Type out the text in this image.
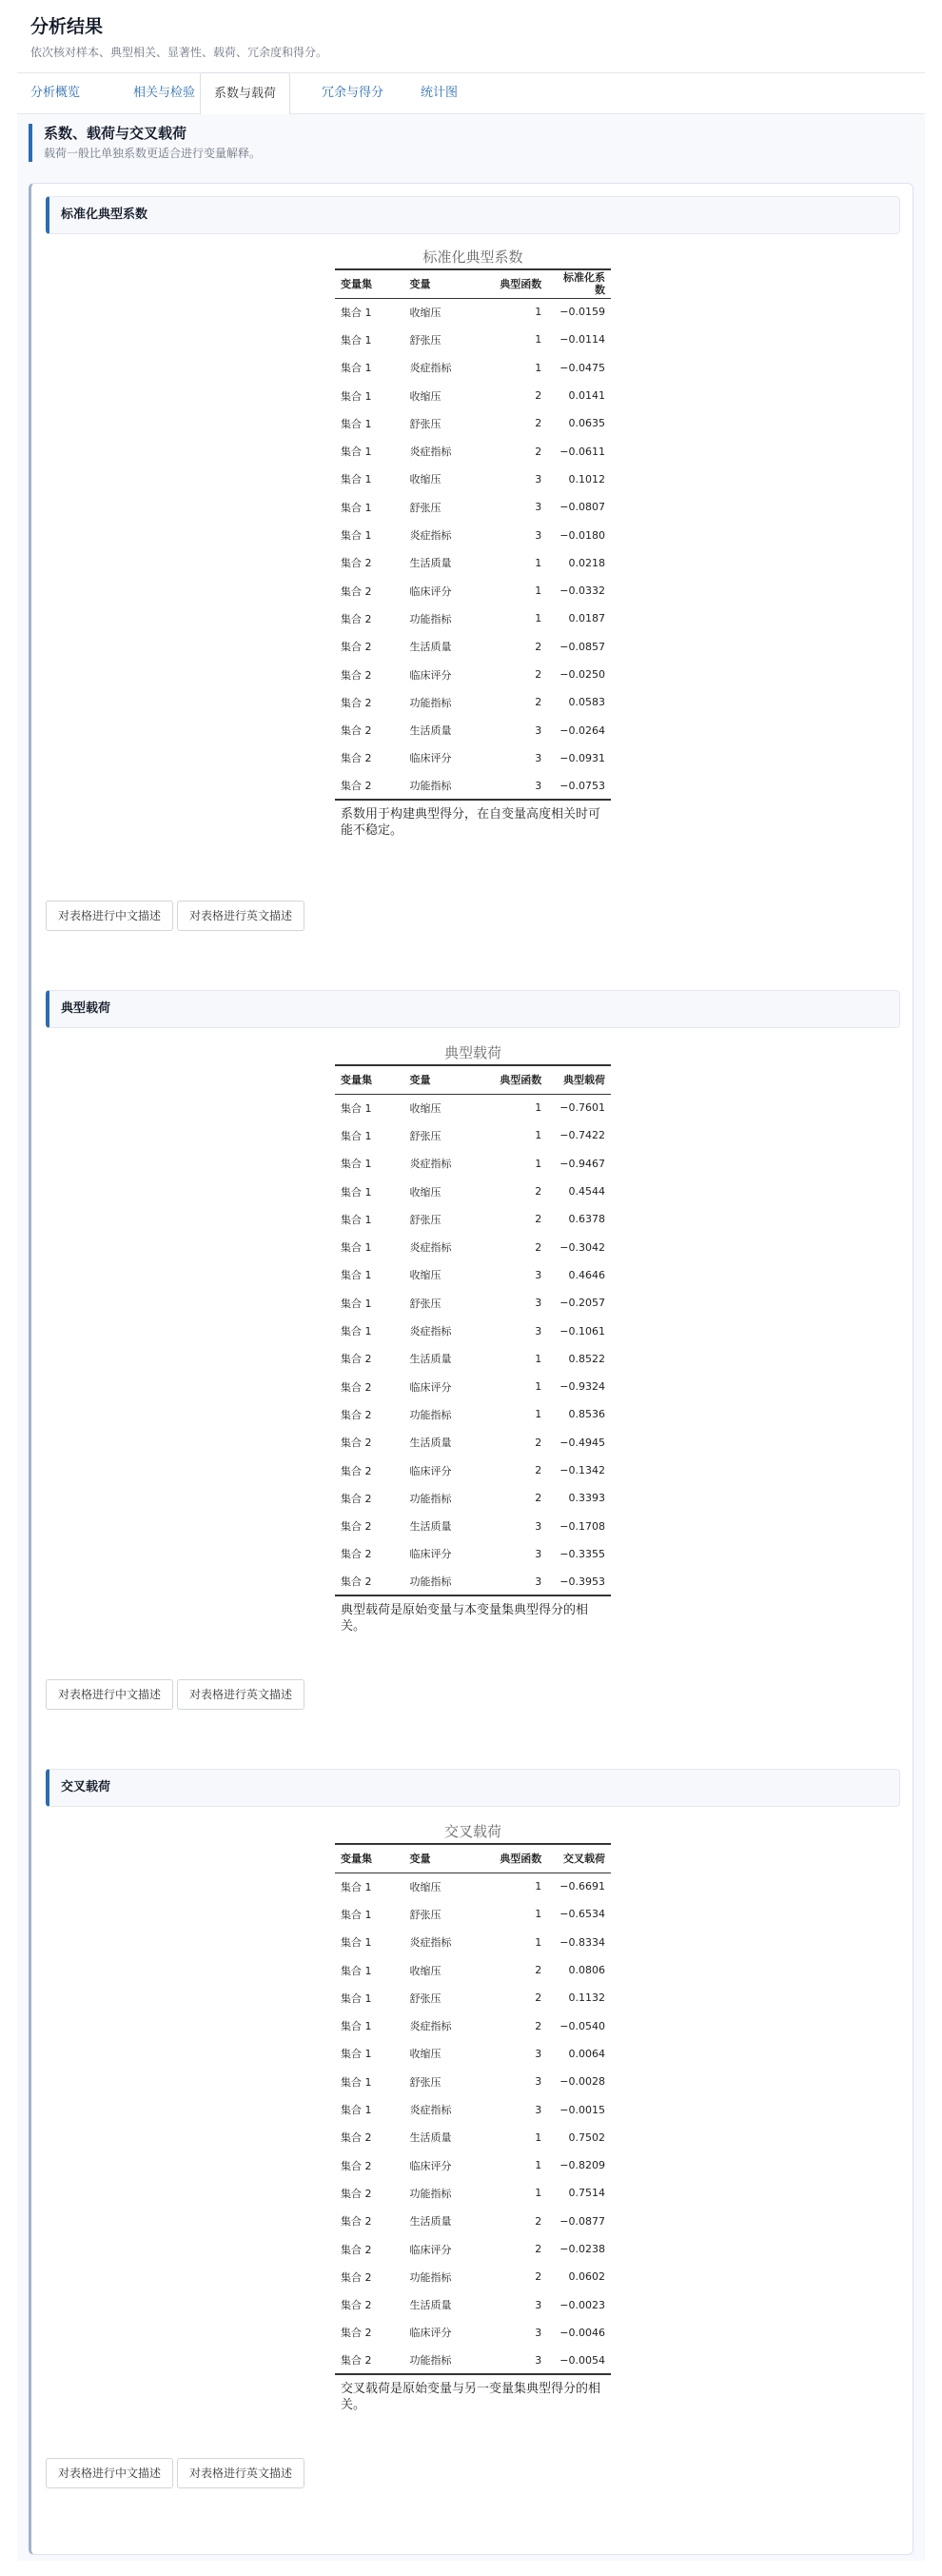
分析结果
依次核对样本、典型相关、显著性、载荷、冗余度和得分。
分析概览	相关与检验	系数与载荷	冗余与得分	统计图
系数、载荷与交叉载荷
载荷一般比单独系数更适合进行变量解释。
标准化典型系数
标准化典型系数
变量集	变量	典型函数	标准化系数
集合 1	收缩压	1	−0.0159
集合 1	舒张压	1	−0.0114
集合 1	炎症指标	1	−0.0475
集合 1	收缩压	2	0.0141
集合 1	舒张压	2	0.0635
集合 1	炎症指标	2	−0.0611
集合 1	收缩压	3	0.1012
集合 1	舒张压	3	−0.0807
集合 1	炎症指标	3	−0.0180
集合 2	生活质量	1	0.0218
集合 2	临床评分	1	−0.0332
集合 2	功能指标	1	0.0187
集合 2	生活质量	2	−0.0857
集合 2	临床评分	2	−0.0250
集合 2	功能指标	2	0.0583
集合 2	生活质量	3	−0.0264
集合 2	临床评分	3	−0.0931
集合 2	功能指标	3	−0.0753
系数用于构建典型得分，在自变量高度相关时可能不稳定。
对表格进行中文描述	对表格进行英文描述
典型载荷
典型载荷
变量集	变量	典型函数	典型载荷
集合 1	收缩压	1	−0.7601
集合 1	舒张压	1	−0.7422
集合 1	炎症指标	1	−0.9467
集合 1	收缩压	2	0.4544
集合 1	舒张压	2	0.6378
集合 1	炎症指标	2	−0.3042
集合 1	收缩压	3	0.4646
集合 1	舒张压	3	−0.2057
集合 1	炎症指标	3	−0.1061
集合 2	生活质量	1	0.8522
集合 2	临床评分	1	−0.9324
集合 2	功能指标	1	0.8536
集合 2	生活质量	2	−0.4945
集合 2	临床评分	2	−0.1342
集合 2	功能指标	2	0.3393
集合 2	生活质量	3	−0.1708
集合 2	临床评分	3	−0.3355
集合 2	功能指标	3	−0.3953
典型载荷是原始变量与本变量集典型得分的相关。
对表格进行中文描述	对表格进行英文描述
交叉载荷
交叉载荷
变量集	变量	典型函数	交叉载荷
集合 1	收缩压	1	−0.6691
集合 1	舒张压	1	−0.6534
集合 1	炎症指标	1	−0.8334
集合 1	收缩压	2	0.0806
集合 1	舒张压	2	0.1132
集合 1	炎症指标	2	−0.0540
集合 1	收缩压	3	0.0064
集合 1	舒张压	3	−0.0028
集合 1	炎症指标	3	−0.0015
集合 2	生活质量	1	0.7502
集合 2	临床评分	1	−0.8209
集合 2	功能指标	1	0.7514
集合 2	生活质量	2	−0.0877
集合 2	临床评分	2	−0.0238
集合 2	功能指标	2	0.0602
集合 2	生活质量	3	−0.0023
集合 2	临床评分	3	−0.0046
集合 2	功能指标	3	−0.0054
交叉载荷是原始变量与另一变量集典型得分的相关。
对表格进行中文描述	对表格进行英文描述
